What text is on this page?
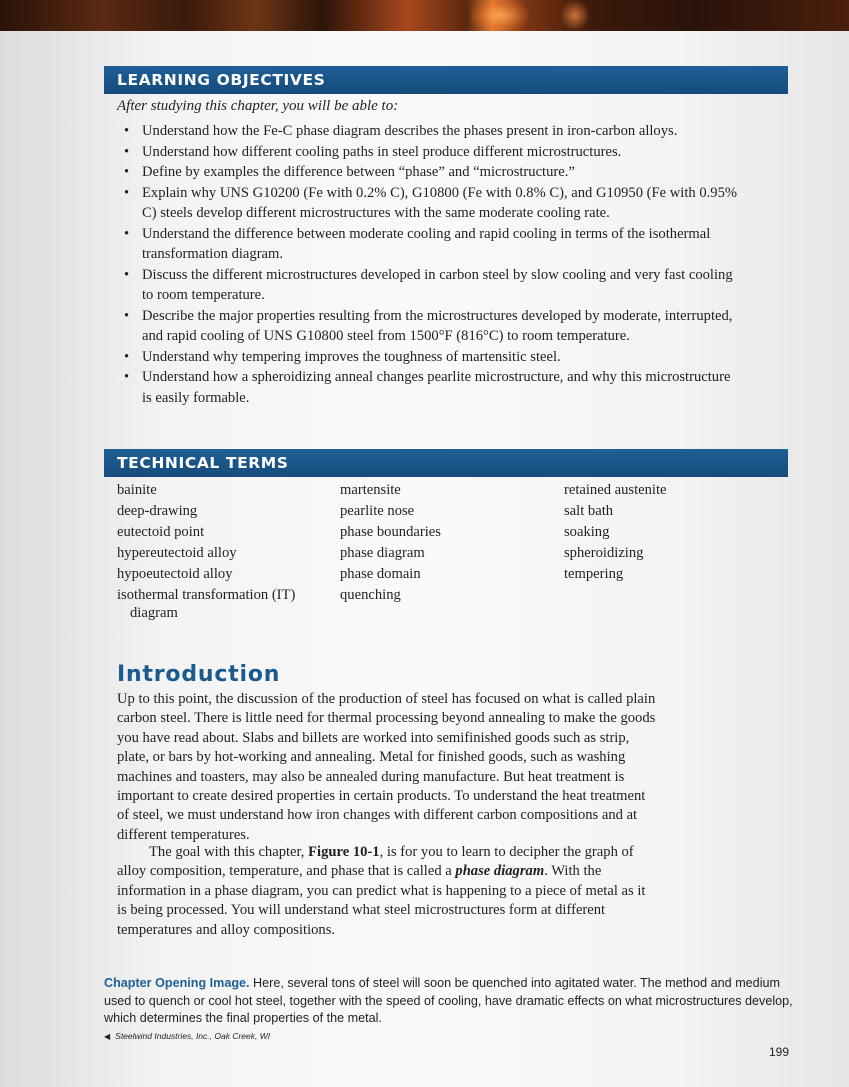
LEARNING OBJECTIVES
After studying this chapter, you will be able to:
• Understand how the Fe-C phase diagram describes the phases present in iron-carbon alloys.
• Understand how different cooling paths in steel produce different microstructures.
• Define by examples the difference between “phase” and “microstructure.”
• Explain why UNS G10200 (Fe with 0.2% C), G10800 (Fe with 0.8% C), and G10950 (Fe with 0.95% C) steels develop different microstructures with the same moderate cooling rate.
• Understand the difference between moderate cooling and rapid cooling in terms of the isothermal transformation diagram.
• Discuss the different microstructures developed in carbon steel by slow cooling and very fast cooling to room temperature.
• Describe the major properties resulting from the microstructures developed by moderate, interrupted, and rapid cooling of UNS G10800 steel from 1500°F (816°C) to room temperature.
• Understand why tempering improves the toughness of martensitic steel.
• Understand how a spheroidizing anneal changes pearlite microstructure, and why this microstructure is easily formable.
TECHNICAL TERMS
bainite
deep-drawing
eutectoid point
hypereutectoid alloy
hypoeutectoid alloy
isothermal transformation (IT) diagram
martensite
pearlite nose
phase boundaries
phase diagram
phase domain
quenching
retained austenite
salt bath
soaking
spheroidizing
tempering
Introduction

Up to this point, the discussion of the production of steel has focused on what is called plain carbon steel. There is little need for thermal processing beyond annealing to make the goods you have read about. Slabs and billets are worked into semifinished goods such as strip, plate, or bars by hot-working and annealing. Metal for finished goods, such as washing machines and toasters, may also be annealed during manufacture. But heat treatment is important to create desired properties in certain products. To understand the heat treatment of steel, we must understand how iron changes with different carbon compositions and at different temperatures.

The goal with this chapter, Figure 10-1, is for you to learn to decipher the graph of alloy composition, temperature, and phase that is called a phase diagram. With the information in a phase diagram, you can predict what is happening to a piece of metal as it is being processed. You will understand what steel microstructures form at different temperatures and alloy compositions.

Chapter Opening Image. Here, several tons of steel will soon be quenched into agitated water. The method and medium used to quench or cool hot steel, together with the speed of cooling, have dramatic effects on what microstructures develop, which determines the final properties of the metal.
◀ Steelwind Industries, Inc., Oak Creek, WI
199
